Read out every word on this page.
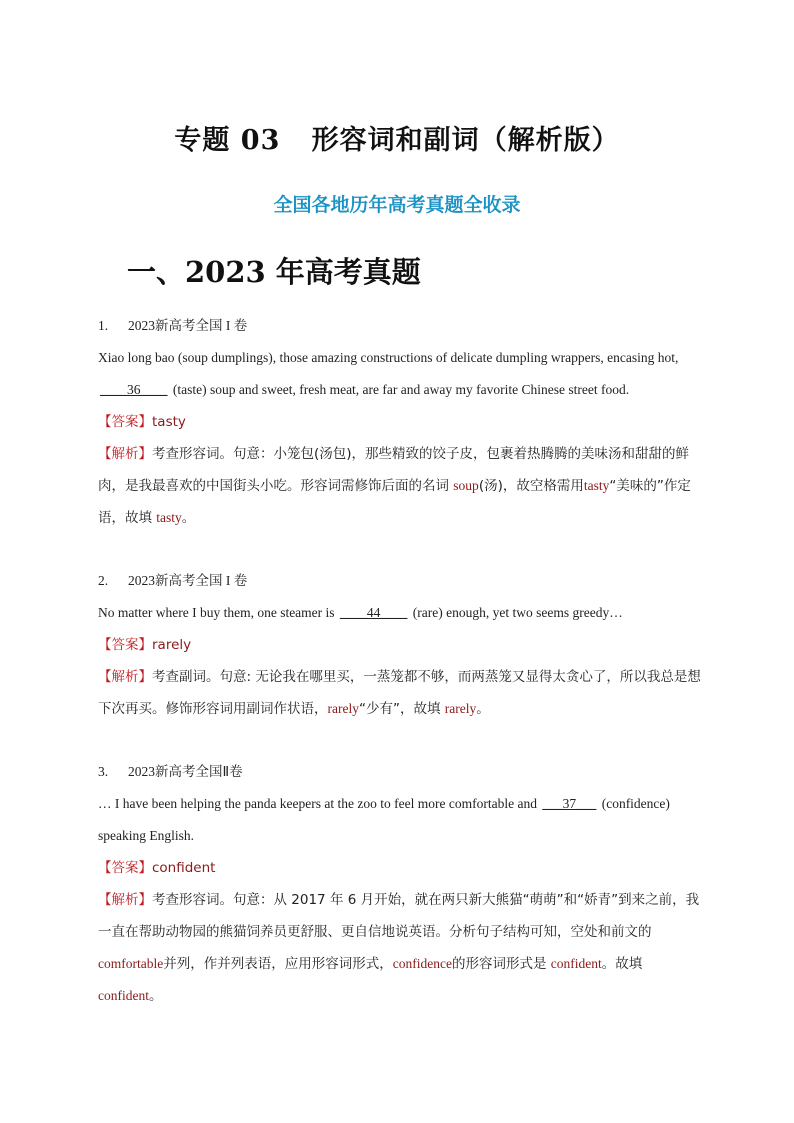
专题 03   形容词和副词（解析版）
全国各地历年高考真题全收录
一、2023 年高考真题
1. 2023新高考全国 I 卷
Xiao long bao (soup dumplings), those amazing constructions of delicate dumpling wrappers, encasing hot, ____36____ (taste) soup and sweet, fresh meat, are far and away my favorite Chinese street food.
【答案】tasty
【解析】考查形容词。句意：小笼包(汤包)，那些精致的饺子皮，包裹着热腾腾的美味汤和甜甜的鲜肉，是我最喜欢的中国街头小吃。形容词需修饰后面的名词 soup(汤)，故空格需用tasty“美味的”作定语，故填 tasty。
2. 2023新高考全国 I 卷
No matter where I buy them, one steamer is ____44____ (rare) enough, yet two seems greedy…
【答案】rarely
【解析】考查副词。句意: 无论我在哪里买，一蒸笼都不够，而两蒸笼又显得太贪心了，所以我总是想下次再买。修饰形容词用副词作状语，rarely“少有”，故填 rarely。
3. 2023新高考全国Ⅱ卷
… I have been helping the panda keepers at the zoo to feel more comfortable and ___37___ (confidence) speaking English.
【答案】confident
【解析】考查形容词。句意：从 2017 年 6 月开始，就在两只新大熊猫“萌萌”和“娇青”到来之前，我一直在帮助动物园的熊猫饲养员更舒服、更自信地说英语。分析句子结构可知，空处和前文的comfortable并列，作并列表语，应用形容词形式，confidence的形容词形式是 confident。故填 confident。
